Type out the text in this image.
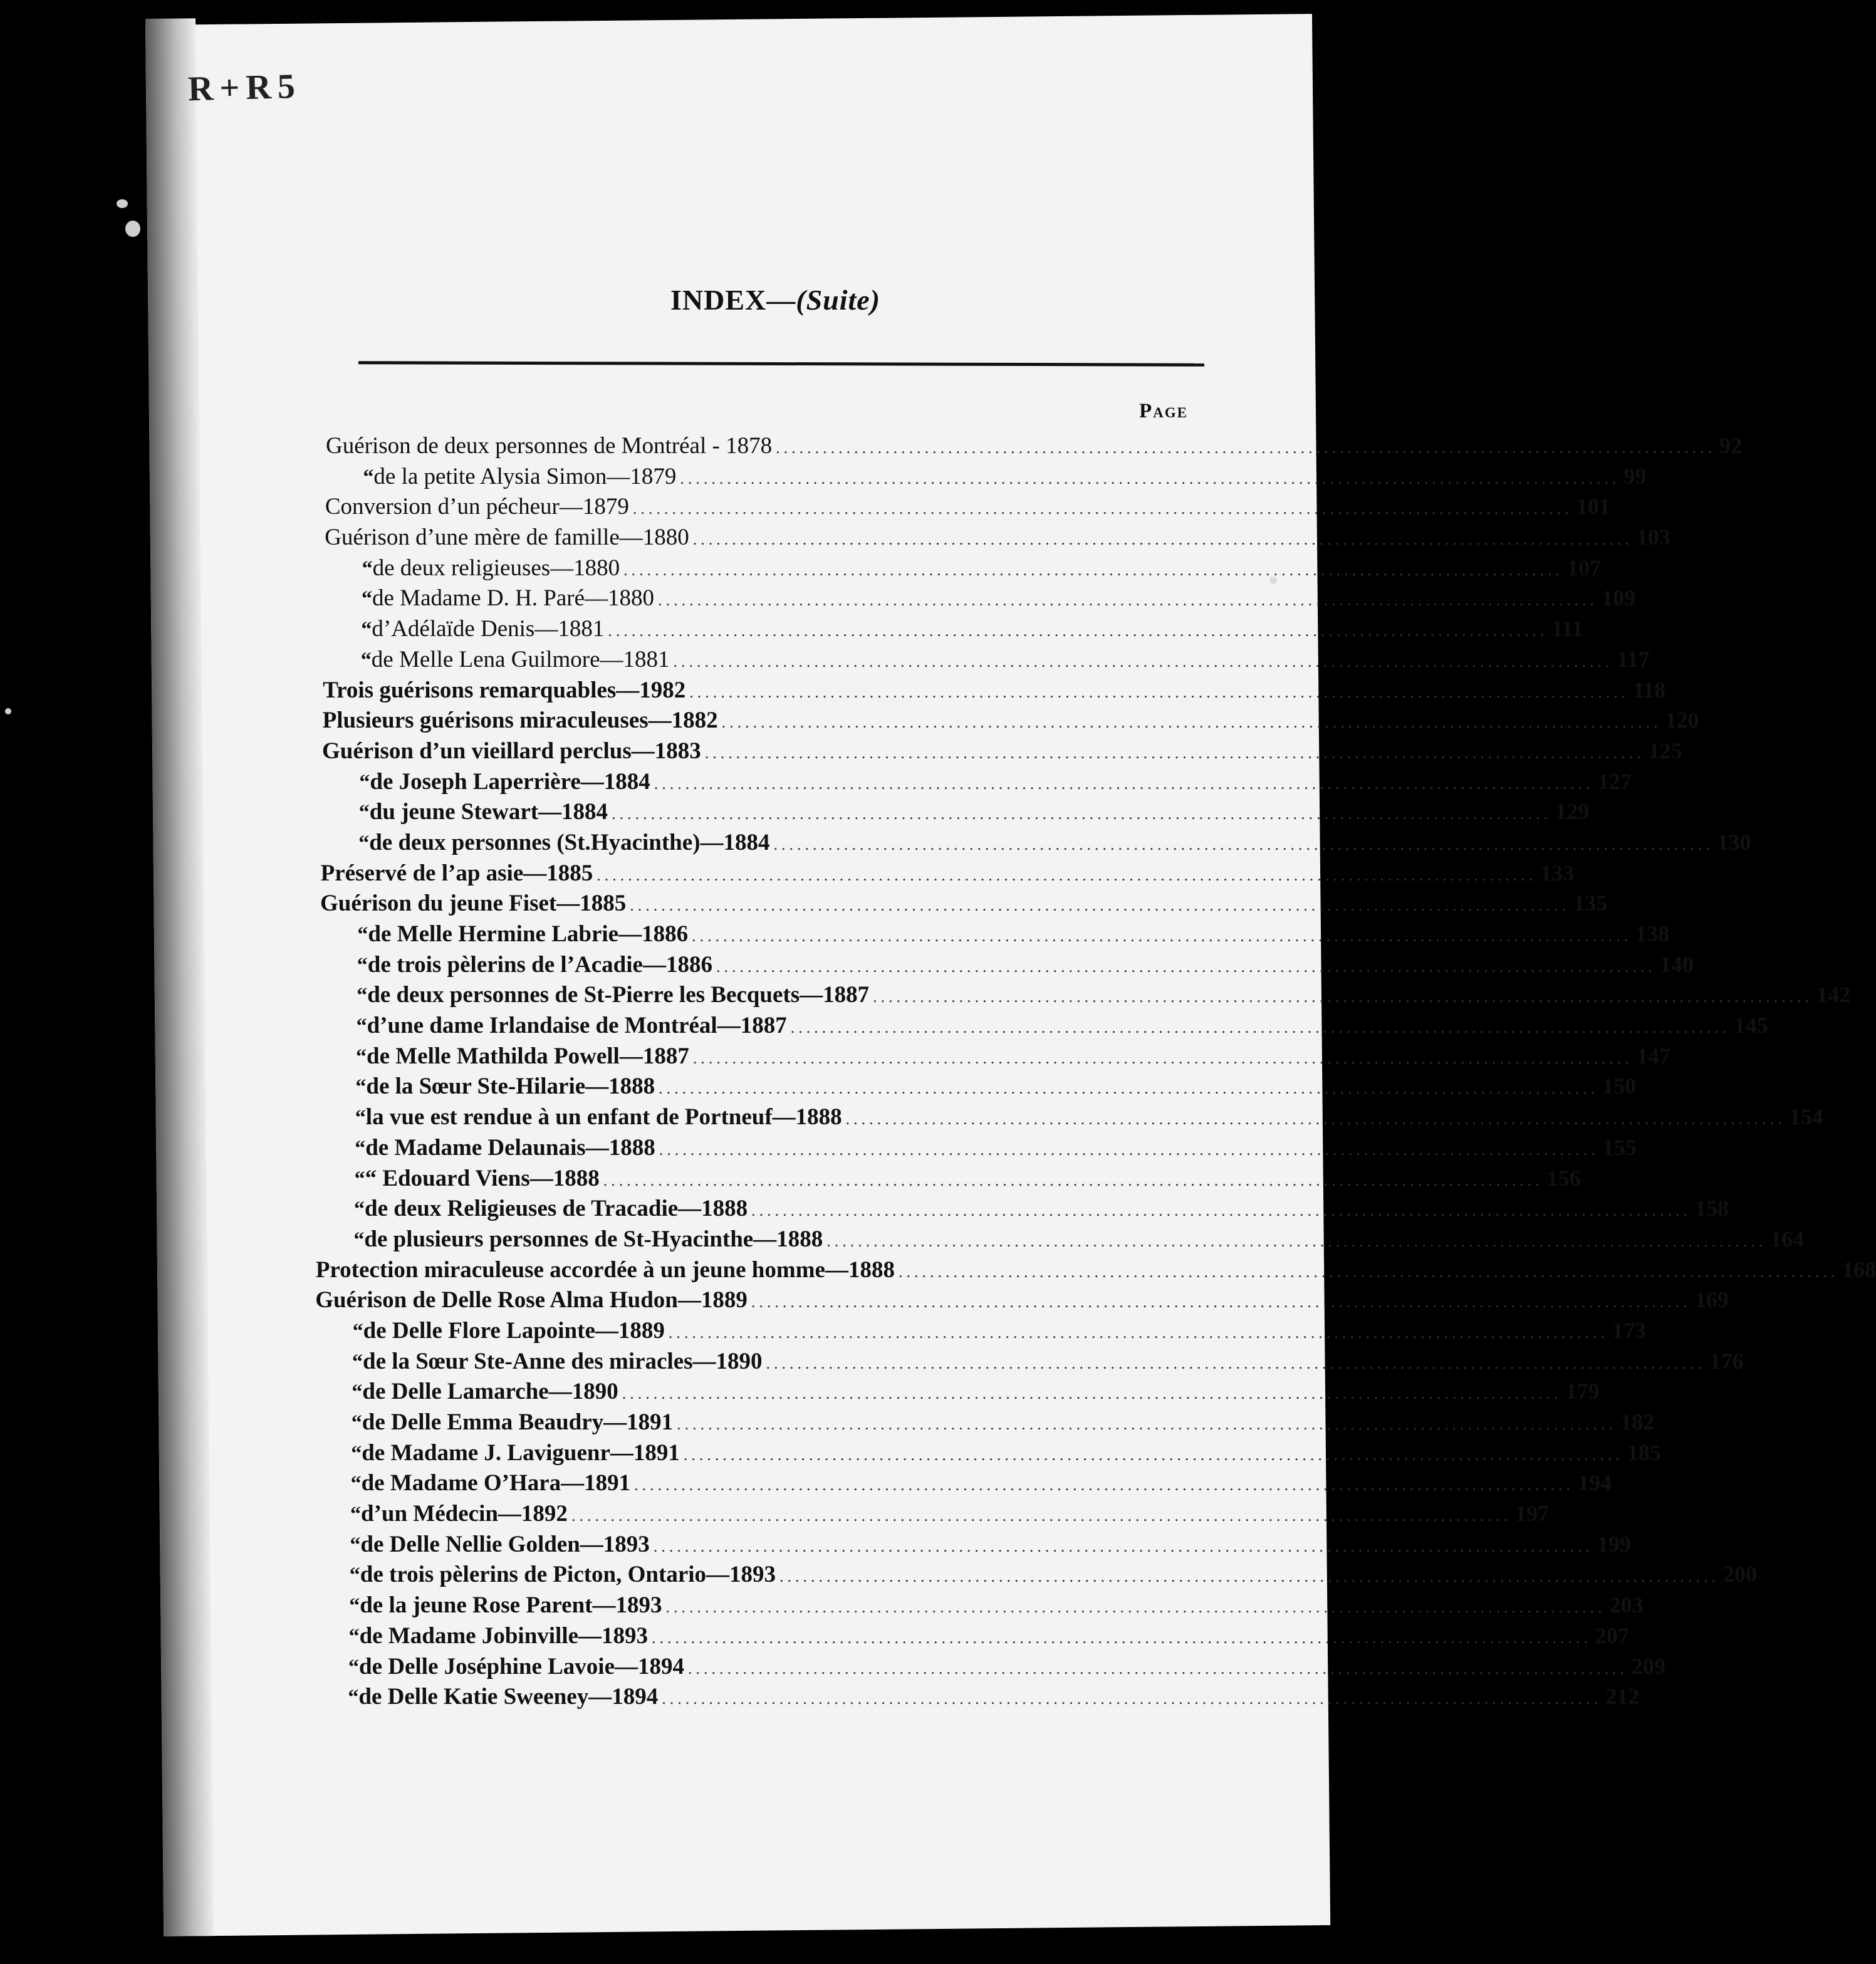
R+R5
INDEX—(Suite)
Page
Guérison de deux personnes de Montréal - 1878 ........................................................................................................................ 92
“ de la petite Alysia Simon—1879 ........................................................................................................................ 99
Conversion d’un pécheur—1879 ........................................................................................................................ 101
Guérison d’une mère de famille—1880 ........................................................................................................................ 103
“ de deux religieuses—1880 ........................................................................................................................ 107
“ de Madame D. H. Paré—1880 ........................................................................................................................ 109
“ d’Adélaïde Denis—1881 ........................................................................................................................ 111
“ de Melle Lena Guilmore—1881 ........................................................................................................................ 117
Trois guérisons remarquables—1982 ........................................................................................................................ 118
Plusieurs guérisons miraculeuses—1882 ........................................................................................................................ 120
Guérison d’un vieillard perclus—1883 ........................................................................................................................ 125
“ de Joseph Laperrière—1884 ........................................................................................................................ 127
“ du jeune Stewart—1884 ........................................................................................................................ 129
“ de deux personnes (St.Hyacinthe)—1884 ........................................................................................................................ 130
Préservé de l’ap asie—1885 ........................................................................................................................ 133
Guérison du jeune Fiset—1885 ........................................................................................................................ 135
“ de Melle Hermine Labrie—1886 ........................................................................................................................ 138
“ de trois pèlerins de l’Acadie—1886 ........................................................................................................................ 140
“ de deux personnes de St-Pierre les Becquets—1887 ........................................................................................................................ 142
“ d’une dame Irlandaise de Montréal—1887 ........................................................................................................................ 145
“ de Melle Mathilda Powell—1887 ........................................................................................................................ 147
“ de la Sœur Ste-Hilarie—1888 ........................................................................................................................ 150
“ la vue est rendue à un enfant de Portneuf—1888 ........................................................................................................................ 154
“ de Madame Delaunais—1888 ........................................................................................................................ 155
“ “ Edouard Viens—1888 ........................................................................................................................ 156
“ de deux Religieuses de Tracadie—1888 ........................................................................................................................ 158
“ de plusieurs personnes de St-Hyacinthe—1888 ........................................................................................................................ 164
Protection miraculeuse accordée à un jeune homme—1888 ........................................................................................................................ 168
Guérison de Delle Rose Alma Hudon—1889 ........................................................................................................................ 169
“ de Delle Flore Lapointe—1889 ........................................................................................................................ 173
“ de la Sœur Ste-Anne des miracles—1890 ........................................................................................................................ 176
“ de Delle Lamarche—1890 ........................................................................................................................ 179
“ de Delle Emma Beaudry—1891 ........................................................................................................................ 182
“ de Madame J. Laviguenr—1891 ........................................................................................................................ 185
“ de Madame O’Hara—1891 ........................................................................................................................ 194
“ d’un Médecin—1892 ........................................................................................................................ 197
“ de Delle Nellie Golden—1893 ........................................................................................................................ 199
“ de trois pèlerins de Picton, Ontario—1893 ........................................................................................................................ 200
“ de la jeune Rose Parent—1893 ........................................................................................................................ 203
“ de Madame Jobinville—1893 ........................................................................................................................ 207
“ de Delle Joséphine Lavoie—1894 ........................................................................................................................ 209
“ de Delle Katie Sweeney—1894 ........................................................................................................................ 212
